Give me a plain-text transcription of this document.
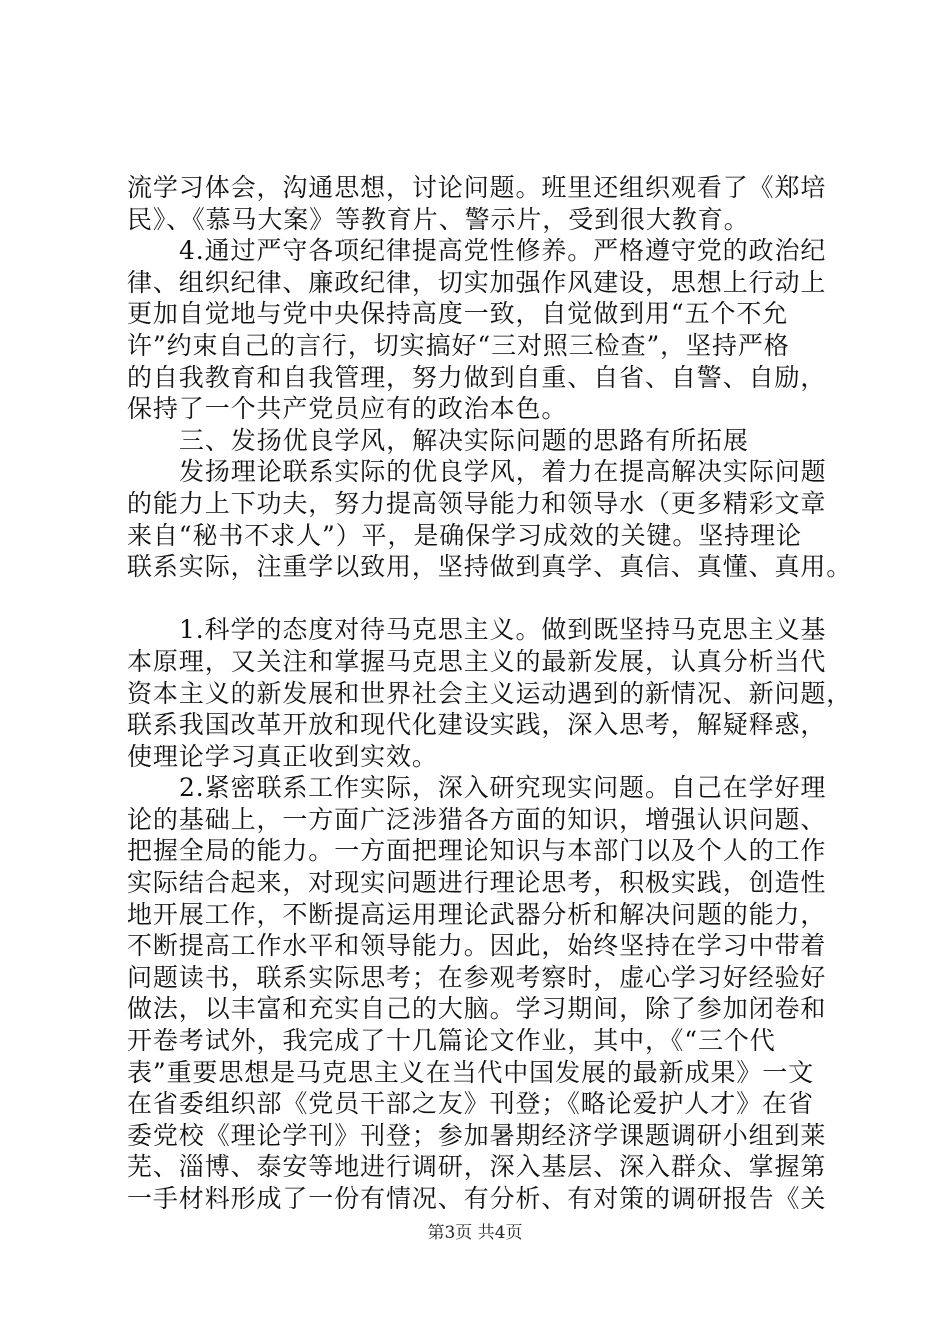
流学习体会，沟通思想，讨论问题。班里还组织观看了《郑培
民》、《慕马大案》等教育片、警示片，受到很大教育。
4.通过严守各项纪律提高党性修养。严格遵守党的政治纪
律、组织纪律、廉政纪律，切实加强作风建设，思想上行动上
更加自觉地与党中央保持高度一致，自觉做到用“五个不允
许”约束自己的言行，切实搞好“三对照三检查”，坚持严格
的自我教育和自我管理，努力做到自重、自省、自警、自励，
保持了一个共产党员应有的政治本色。
三、发扬优良学风，解决实际问题的思路有所拓展
发扬理论联系实际的优良学风，着力在提高解决实际问题
的能力上下功夫，努力提高领导能力和领导水（更多精彩文章
来自“秘书不求人”）平，是确保学习成效的关键。坚持理论
联系实际，注重学以致用，坚持做到真学、真信、真懂、真用。
1.科学的态度对待马克思主义。做到既坚持马克思主义基
本原理，又关注和掌握马克思主义的最新发展，认真分析当代
资本主义的新发展和世界社会主义运动遇到的新情况、新问题，
联系我国改革开放和现代化建设实践，深入思考，解疑释惑，
使理论学习真正收到实效。
2.紧密联系工作实际，深入研究现实问题。自己在学好理
论的基础上，一方面广泛涉猎各方面的知识，增强认识问题、
把握全局的能力。一方面把理论知识与本部门以及个人的工作
实际结合起来，对现实问题进行理论思考，积极实践，创造性
地开展工作，不断提高运用理论武器分析和解决问题的能力，
不断提高工作水平和领导能力。因此，始终坚持在学习中带着
问题读书，联系实际思考；在参观考察时，虚心学习好经验好
做法，以丰富和充实自己的大脑。学习期间，除了参加闭卷和
开卷考试外，我完成了十几篇论文作业，其中，《“三个代
表”重要思想是马克思主义在当代中国发展的最新成果》一文
在省委组织部《党员干部之友》刊登；《略论爱护人才》在省
委党校《理论学刊》刊登；参加暑期经济学课题调研小组到莱
芜、淄博、泰安等地进行调研，深入基层、深入群众、掌握第
一手材料形成了一份有情况、有分析、有对策的调研报告《关
第3页 共4页
